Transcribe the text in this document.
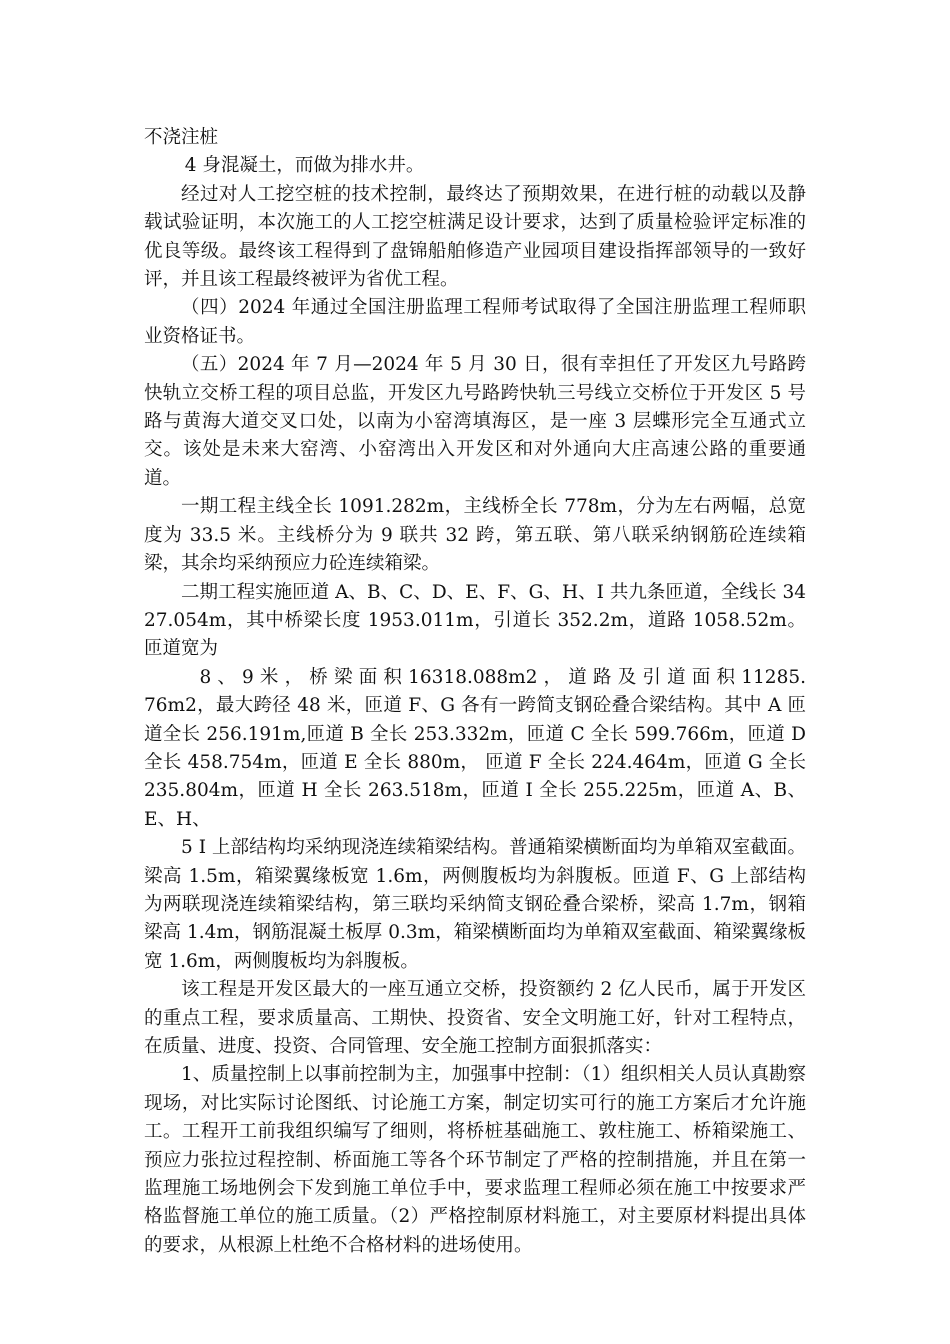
不浇注桩

4 身混凝土，而做为排水井。

经过对人工挖空桩的技术控制，最终达了预期效果，在进行桩的动载以及静载试验证明，本次施工的人工挖空桩满足设计要求，达到了质量检验评定标准的优良等级。最终该工程得到了盘锦船舶修造产业园项目建设指挥部领导的一致好评，并且该工程最终被评为省优工程。

（四）2024 年通过全国注册监理工程师考试取得了全国注册监理工程师职业资格证书。

（五）2024 年 7 月—2024 年 5 月 30 日，很有幸担任了开发区九号路跨快轨立交桥工程的项目总监，开发区九号路跨快轨三号线立交桥位于开发区 5 号路与黄海大道交叉口处，以南为小窑湾填海区，是一座 3 层蝶形完全互通式立交。该处是未来大窑湾、小窑湾出入开发区和对外通向大庄高速公路的重要通道。

一期工程主线全长 1091.282m，主线桥全长 778m，分为左右两幅，总宽度为 33.5 米。主线桥分为 9 联共 32 跨，第五联、第八联采纳钢筋砼连续箱梁，其余均采纳预应力砼连续箱梁。

二期工程实施匝道 A、B、C、D、E、F、G、H、I 共九条匝道，全线长 3427.054m，其中桥梁长度 1953.011m，引道长 352.2m，道路 1058.52m。匝道宽为

8 、 9 米 ， 桥 梁 面 积 16318.088m2 ， 道 路 及 引 道 面 积 11285.76m2，最大跨径 48 米，匝道 F、G 各有一跨简支钢砼叠合梁结构。其中 A 匝道全长 256.191m,匝道 B 全长 253.332m，匝道 C 全长 599.766m，匝道 D 全长 458.754m，匝道 E 全长 880m， 匝道 F 全长 224.464m，匝道 G 全长 235.804m，匝道 H 全长 263.518m，匝道 I 全长 255.225m，匝道 A、B、E、H、

5 I 上部结构均采纳现浇连续箱梁结构。普通箱梁横断面均为单箱双室截面。梁高 1.5m，箱梁翼缘板宽 1.6m，两侧腹板均为斜腹板。匝道 F、G 上部结构为两联现浇连续箱梁结构，第三联均采纳简支钢砼叠合梁桥，梁高 1.7m，钢箱梁高 1.4m，钢筋混凝土板厚 0.3m，箱梁横断面均为单箱双室截面、箱梁翼缘板宽 1.6m，两侧腹板均为斜腹板。

该工程是开发区最大的一座互通立交桥，投资额约 2 亿人民币，属于开发区的重点工程，要求质量高、工期快、投资省、安全文明施工好，针对工程特点，在质量、进度、投资、合同管理、安全施工控制方面狠抓落实：

1、质量控制上以事前控制为主，加强事中控制：（1）组织相关人员认真勘察现场，对比实际讨论图纸、讨论施工方案，制定切实可行的施工方案后才允许施工。工程开工前我组织编写了细则，将桥桩基础施工、敦柱施工、桥箱梁施工、预应力张拉过程控制、桥面施工等各个环节制定了严格的控制措施，并且在第一监理施工场地例会下发到施工单位手中，要求监理工程师必须在施工中按要求严格监督施工单位的施工质量。（2）严格控制原材料施工，对主要原材料提出具体的要求，从根源上杜绝不合格材料的进场使用。
